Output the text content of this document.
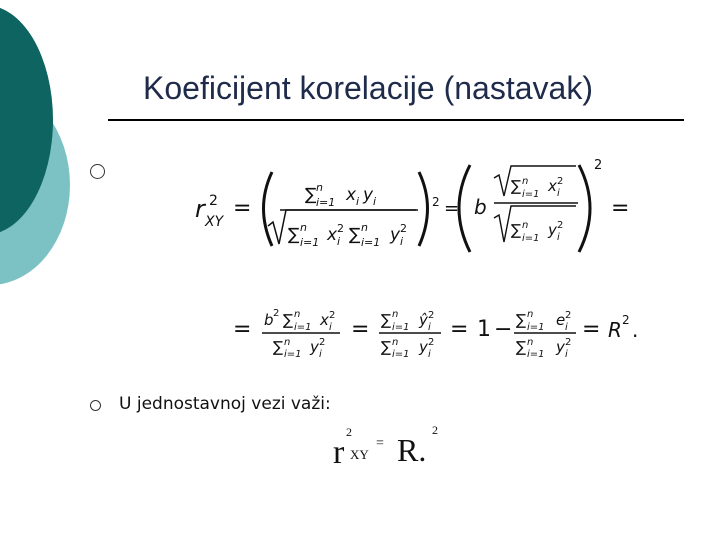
Koeficijent korelacije (nastavak)
U jednostavnoj vezi važi:
r 2
XY
=
∑ n
i=1 x i y i
∑ n
i=1 x 2
i ∑ n
i=1 y 2
i
2 = b
∑ n
i=1 x 2
i
∑ n
i=1 y 2
i
2
=
= b 2 ∑ n
i=1 x 2
i
∑ n
i=1 y 2
i
= ∑ n
i=1 ŷ 2
i
∑ n
i=1 y 2
i
= 1 − ∑ n
i=1 e 2
i
∑ n
i=1 y 2
i
= R 2 .
r
2
XY
= R.
2
